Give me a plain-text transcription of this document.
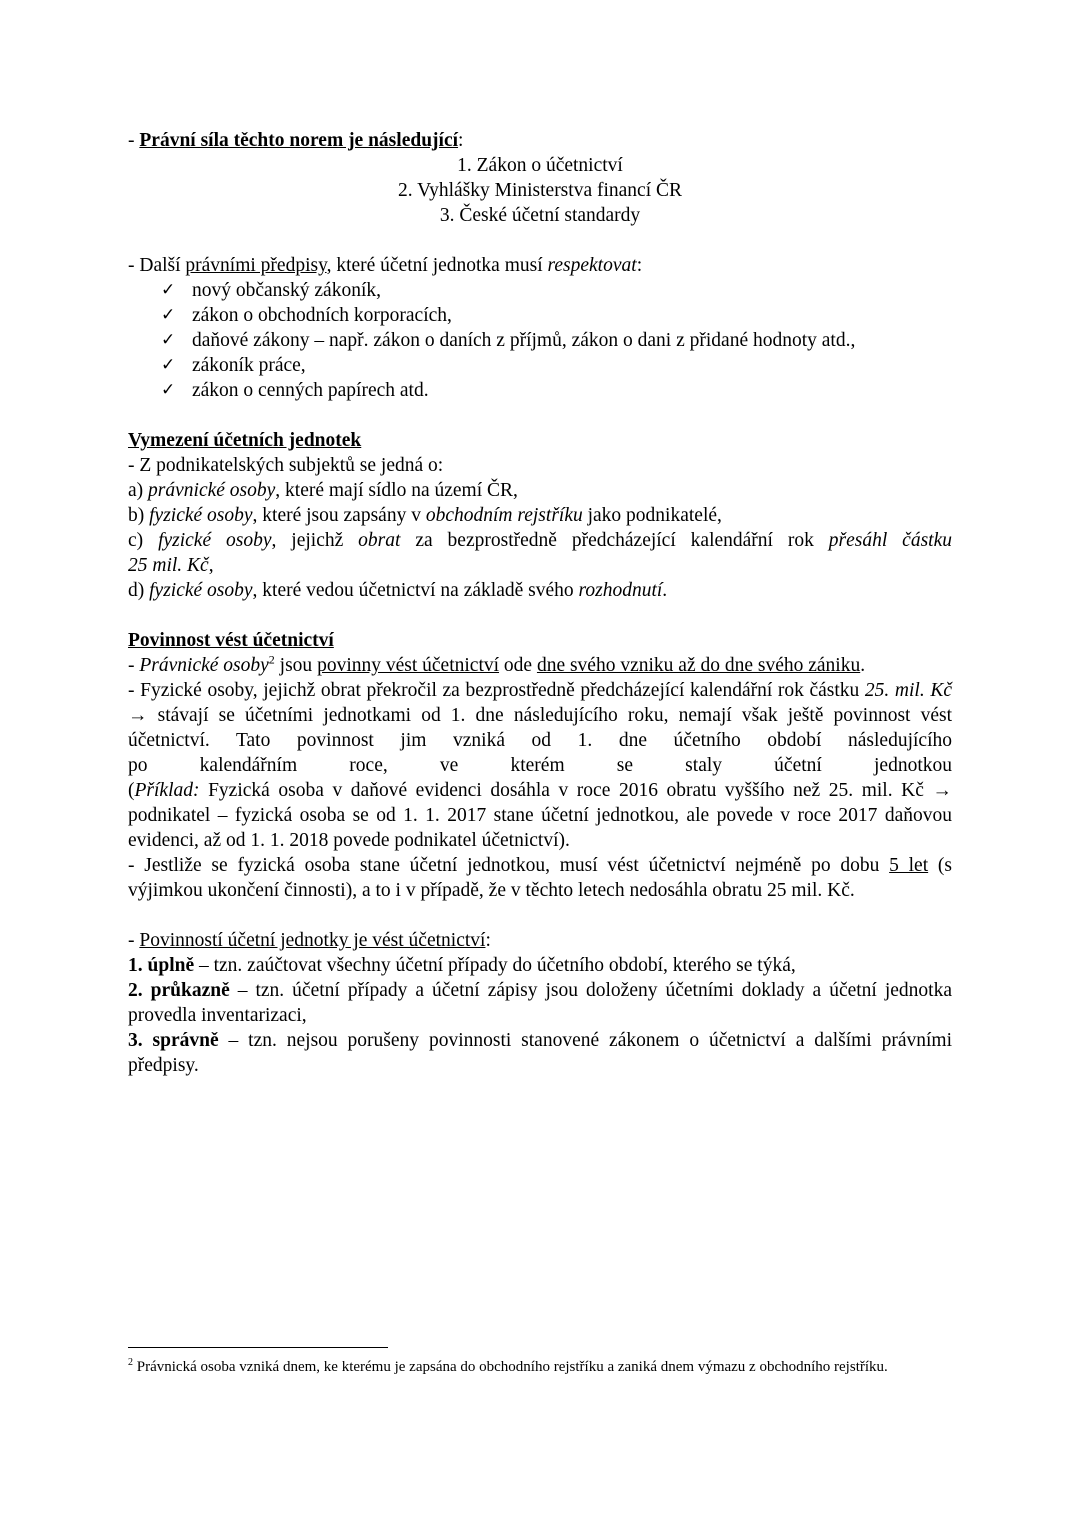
- Právní síla těchto norem je následující:

1. Zákon o účetnictví

2. Vyhlášky Ministerstva financí ČR

3. České účetní standardy

- Další právními předpisy, které účetní jednotka musí respektovat:

✓ nový občanský zákoník,
✓ zákon o obchodních korporacích,
✓ daňové zákony – např. zákon o daních z příjmů, zákon o dani z přidané hodnoty atd.,
✓ zákoník práce,
✓ zákon o cenných papírech atd.

Vymezení účetních jednotek

- Z podnikatelských subjektů se jedná o:

a) právnické osoby, které mají sídlo na území ČR,

b) fyzické osoby, které jsou zapsány v obchodním rejstříku jako podnikatelé,

c) fyzické osoby, jejichž obrat za bezprostředně předcházející kalendářní rok přesáhl částku

25 mil. Kč,

d) fyzické osoby, které vedou účetnictví na základě svého rozhodnutí.

Povinnost vést účetnictví

- Právnické osoby$^2$ jsou povinny vést účetnictví ode dne svého vzniku až do dne svého zániku.

- Fyzické osoby, jejichž obrat překročil za bezprostředně předcházející kalendářní rok částku 25. mil. Kč → stávají se účetními jednotkami od 1. dne následujícího roku, nemají však ještě povinnost vést účetnictví. Tato povinnost jim vzniká od 1. dne účetního období následujícího

po kalendářním roce, ve kterém se staly účetní jednotkou

(Příklad: Fyzická osoba v daňové evidenci dosáhla v roce 2016 obratu vyššího než 25. mil. Kč → podnikatel – fyzická osoba se od 1. 1. 2017 stane účetní jednotkou, ale povede v roce 2017 daňovou evidenci, až od 1. 1. 2018 povede podnikatel účetnictví).

- Jestliže se fyzická osoba stane účetní jednotkou, musí vést účetnictví nejméně po dobu 5 let (s výjimkou ukončení činnosti), a to i v případě, že v těchto letech nedosáhla obratu 25 mil. Kč.

- Povinností účetní jednotky je vést účetnictví:

1. úplně – tzn. zaúčtovat všechny účetní případy do účetního období, kterého se týká,

2. průkazně – tzn. účetní případy a účetní zápisy jsou doloženy účetními doklady a účetní jednotka provedla inventarizaci,

3. správně – tzn. nejsou porušeny povinnosti stanovené zákonem o účetnictví a dalšími právními předpisy.

$^2$ Právnická osoba vzniká dnem, ke kterému je zapsána do obchodního rejstříku a zaniká dnem výmazu z obchodního rejstříku.
